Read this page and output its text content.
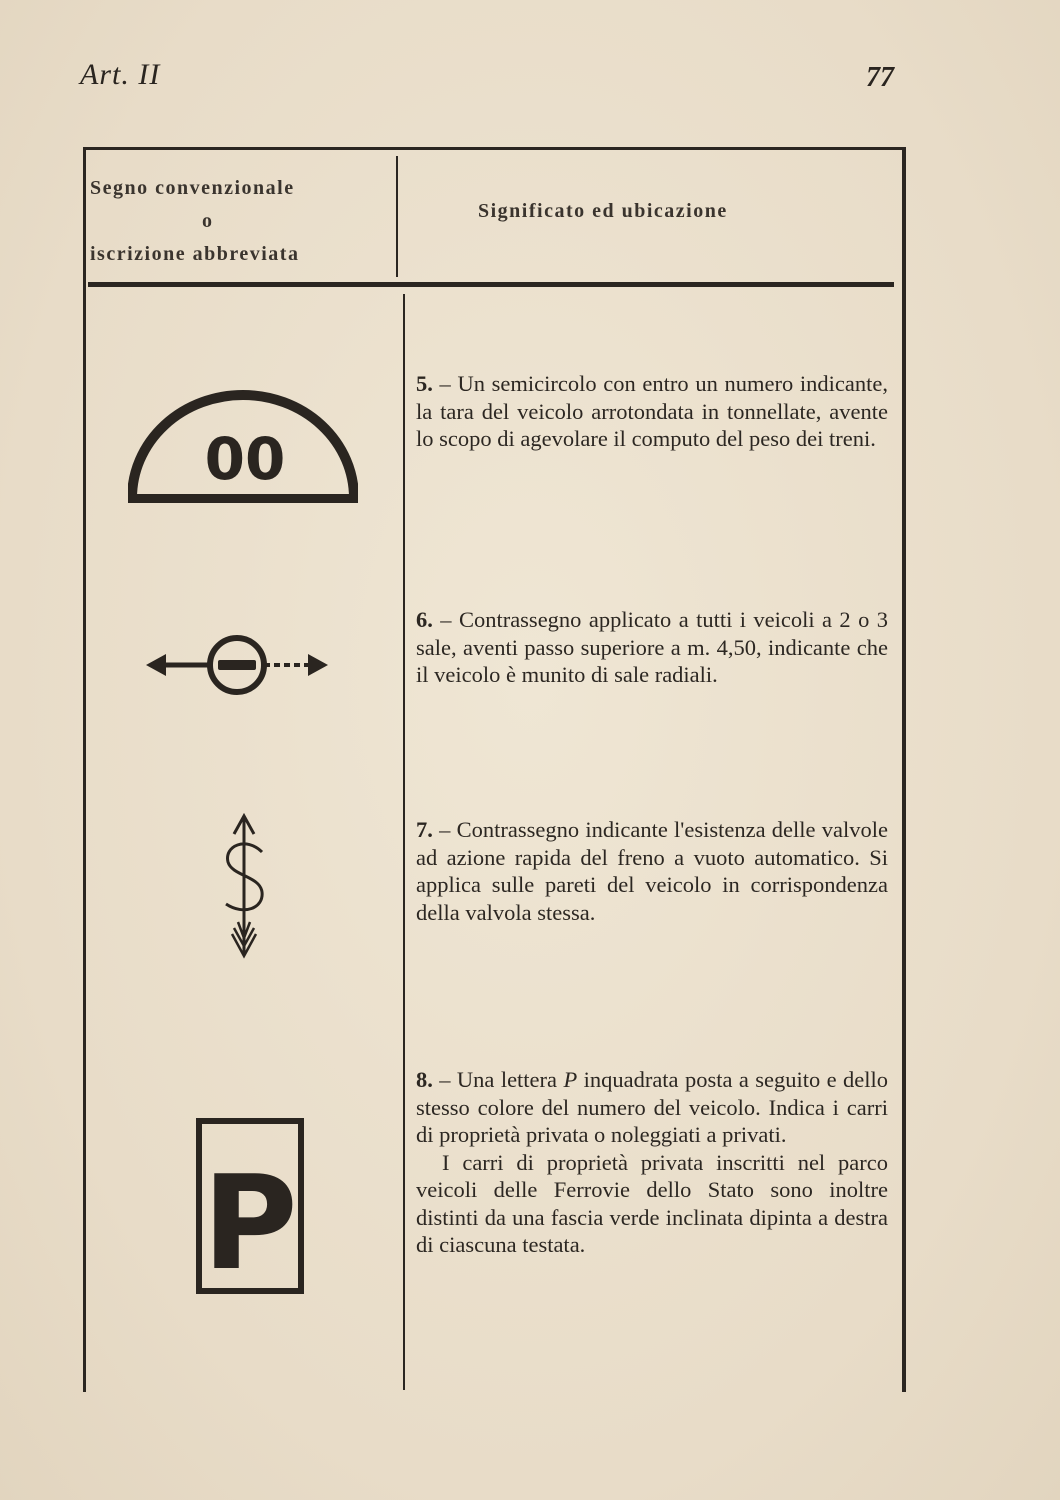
Art. II	77
Segno convenzionale
o
iscrizione abbreviata
Significato ed ubicazione
00
P
5. – Un semicircolo con entro un numero indicante, la tara del veicolo arrotondata in tonnellate, avente lo scopo di agevolare il computo del peso dei treni.
6. – Contrassegno applicato a tutti i veicoli a 2 o 3 sale, aventi passo superiore a m. 4,50, indicante che il veicolo è munito di sale radiali.
7. – Contrassegno indicante l'esistenza delle valvole ad azione rapida del freno a vuoto automatico. Si applica sulle pareti del veicolo in corrispondenza della valvola stessa.
8. – Una lettera P inquadrata posta a seguito e dello stesso colore del numero del veicolo. Indica i carri di proprietà privata o noleggiati a privati.
I carri di proprietà privata inscritti nel parco veicoli delle Ferrovie dello Stato sono inoltre distinti da una fascia verde inclinata dipinta a destra di ciascuna testata.
